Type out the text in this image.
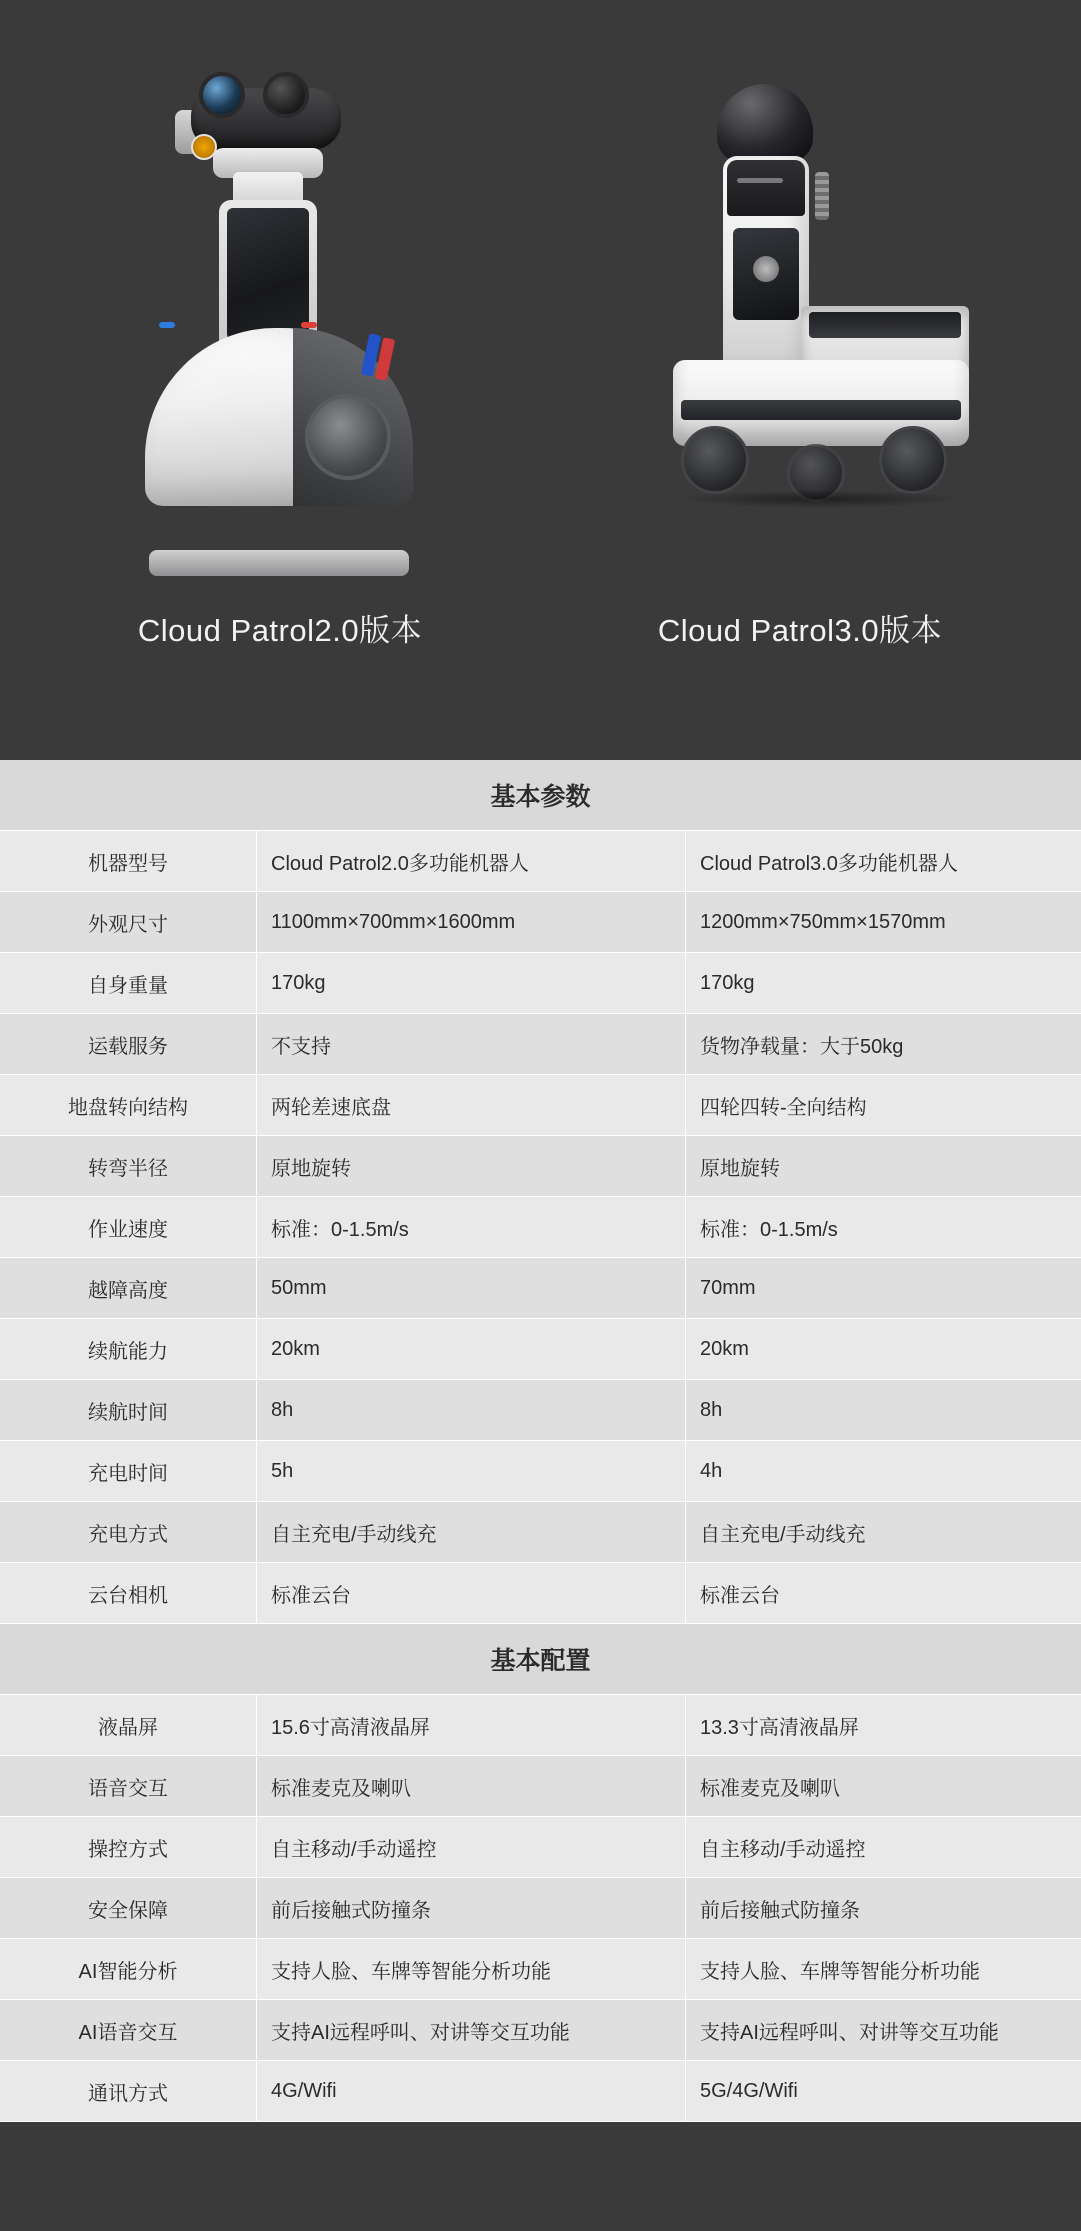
Cloud Patrol2.0版本	Cloud Patrol3.0版本
基本参数
机器型号	Cloud Patrol2.0多功能机器人	Cloud Patrol3.0多功能机器人
外观尺寸	1100mm×700mm×1600mm	1200mm×750mm×1570mm
自身重量	170kg	170kg
运载服务	不支持	货物净载量：大于50kg
地盘转向结构	两轮差速底盘	四轮四转-全向结构
转弯半径	原地旋转	原地旋转
作业速度	标准：0-1.5m/s	标准：0-1.5m/s
越障高度	50mm	70mm
续航能力	20km	20km
续航时间	8h	8h
充电时间	5h	4h
充电方式	自主充电/手动线充	自主充电/手动线充
云台相机	标准云台	标准云台
基本配置
液晶屏	15.6寸高清液晶屏	13.3寸高清液晶屏
语音交互	标准麦克及喇叭	标准麦克及喇叭
操控方式	自主移动/手动遥控	自主移动/手动遥控
安全保障	前后接触式防撞条	前后接触式防撞条
AI智能分析	支持人脸、车牌等智能分析功能	支持人脸、车牌等智能分析功能
AI语音交互	支持AI远程呼叫、对讲等交互功能	支持AI远程呼叫、对讲等交互功能
通讯方式	4G/Wifi	5G/4G/Wifi
